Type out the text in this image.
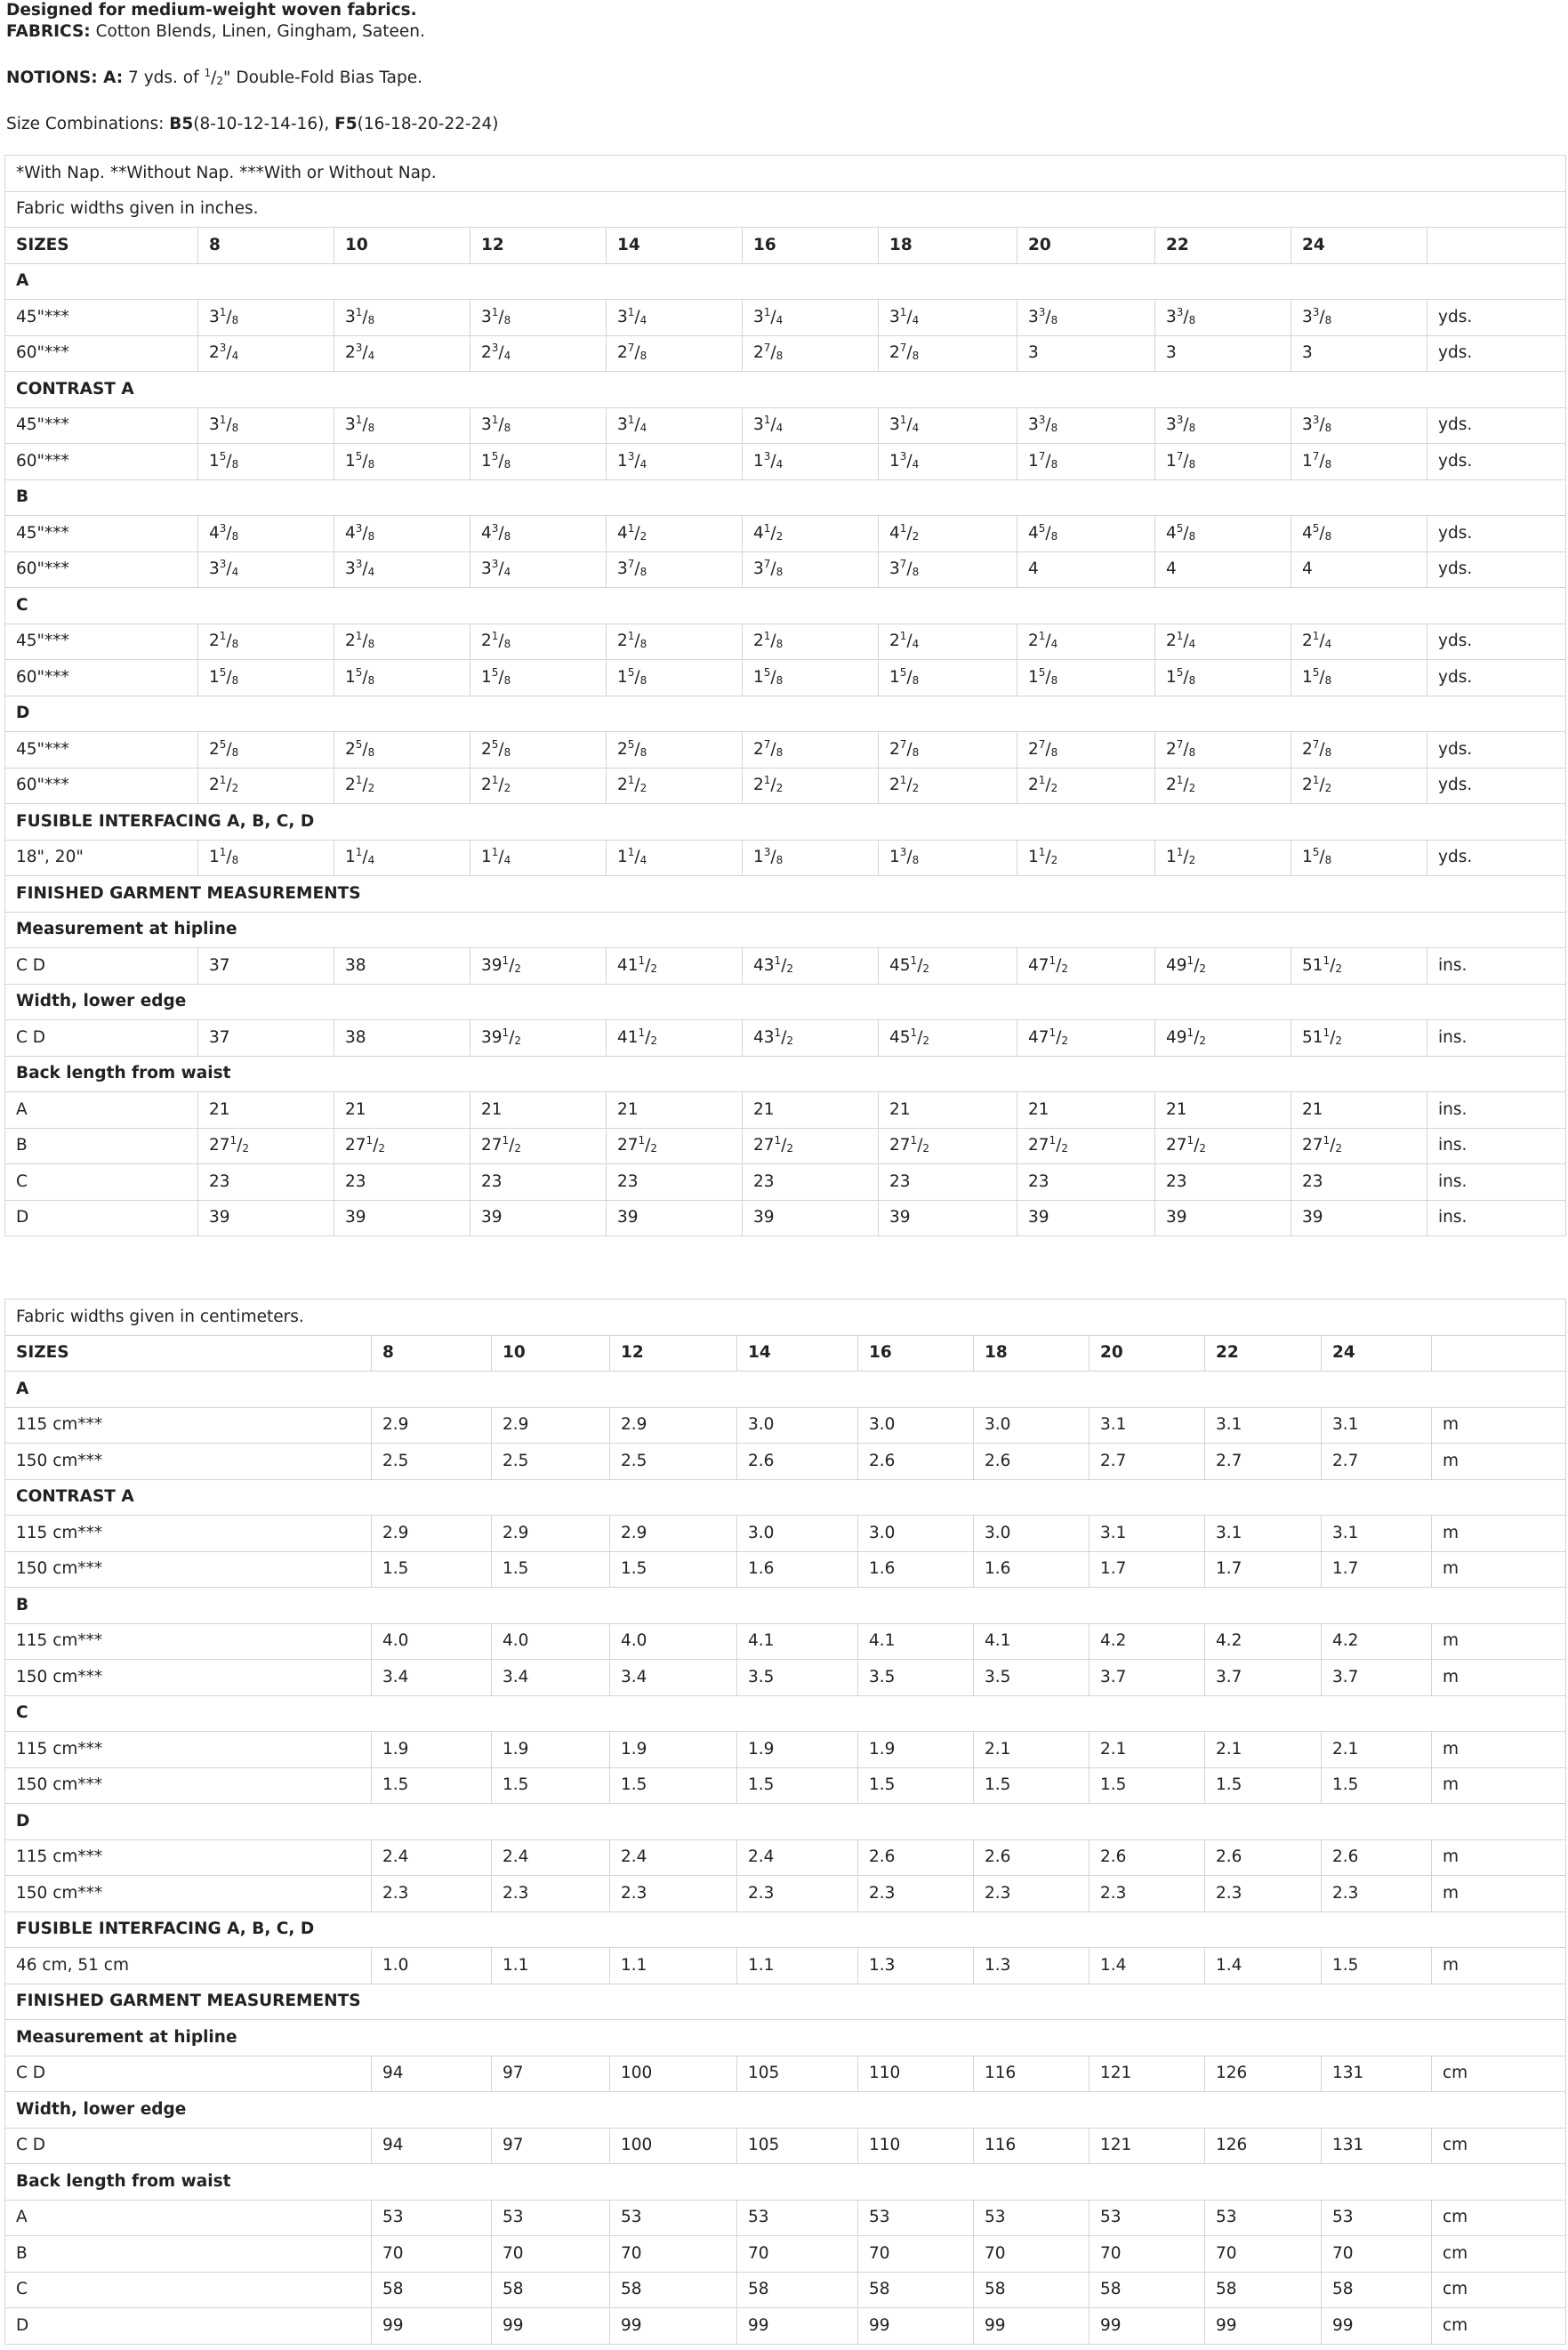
Designed for medium-weight woven fabrics.

FABRICS: Cotton Blends, Linen, Gingham, Sateen.

NOTIONS: A: 7 yds. of $^1/_2$" Double-Fold Bias Tape.

Size Combinations: B5(8-10-12-14-16), F5(16-18-20-22-24)

*With Nap. **Without Nap. ***With or Without Nap.										
Fabric widths given in inches.										
SIZES	8	10	12	14	16	18	20	22	24	
A										
45"***	$3^1/_8$	$3^1/_8$	$3^1/_8$	$3^1/_4$	$3^1/_4$	$3^1/_4$	$3^3/_8$	$3^3/_8$	$3^3/_8$	yds.
60"***	$2^3/_4$	$2^3/_4$	$2^3/_4$	$2^7/_8$	$2^7/_8$	$2^7/_8$	3	3	3	yds.
CONTRAST A										
45"***	$3^1/_8$	$3^1/_8$	$3^1/_8$	$3^1/_4$	$3^1/_4$	$3^1/_4$	$3^3/_8$	$3^3/_8$	$3^3/_8$	yds.
60"***	$1^5/_8$	$1^5/_8$	$1^5/_8$	$1^3/_4$	$1^3/_4$	$1^3/_4$	$1^7/_8$	$1^7/_8$	$1^7/_8$	yds.
B										
45"***	$4^3/_8$	$4^3/_8$	$4^3/_8$	$4^1/_2$	$4^1/_2$	$4^1/_2$	$4^5/_8$	$4^5/_8$	$4^5/_8$	yds.
60"***	$3^3/_4$	$3^3/_4$	$3^3/_4$	$3^7/_8$	$3^7/_8$	$3^7/_8$	4	4	4	yds.
C										
45"***	$2^1/_8$	$2^1/_8$	$2^1/_8$	$2^1/_8$	$2^1/_8$	$2^1/_4$	$2^1/_4$	$2^1/_4$	$2^1/_4$	yds.
60"***	$1^5/_8$	$1^5/_8$	$1^5/_8$	$1^5/_8$	$1^5/_8$	$1^5/_8$	$1^5/_8$	$1^5/_8$	$1^5/_8$	yds.
D										
45"***	$2^5/_8$	$2^5/_8$	$2^5/_8$	$2^5/_8$	$2^7/_8$	$2^7/_8$	$2^7/_8$	$2^7/_8$	$2^7/_8$	yds.
60"***	$2^1/_2$	$2^1/_2$	$2^1/_2$	$2^1/_2$	$2^1/_2$	$2^1/_2$	$2^1/_2$	$2^1/_2$	$2^1/_2$	yds.
FUSIBLE INTERFACING A, B, C, D										
18", 20"	$1^1/_8$	$1^1/_4$	$1^1/_4$	$1^1/_4$	$1^3/_8$	$1^3/_8$	$1^1/_2$	$1^1/_2$	$1^5/_8$	yds.
FINISHED GARMENT MEASUREMENTS										
Measurement at hipline										
C D	37	38	$39^1/_2$	$41^1/_2$	$43^1/_2$	$45^1/_2$	$47^1/_2$	$49^1/_2$	$51^1/_2$	ins.
Width, lower edge										
C D	37	38	$39^1/_2$	$41^1/_2$	$43^1/_2$	$45^1/_2$	$47^1/_2$	$49^1/_2$	$51^1/_2$	ins.
Back length from waist										
A	21	21	21	21	21	21	21	21	21	ins.
B	$27^1/_2$	$27^1/_2$	$27^1/_2$	$27^1/_2$	$27^1/_2$	$27^1/_2$	$27^1/_2$	$27^1/_2$	$27^1/_2$	ins.
C	23	23	23	23	23	23	23	23	23	ins.
D	39	39	39	39	39	39	39	39	39	ins.
Fabric widths given in centimeters.										
SIZES	8	10	12	14	16	18	20	22	24	
A										
115 cm***	2.9	2.9	2.9	3.0	3.0	3.0	3.1	3.1	3.1	m
150 cm***	2.5	2.5	2.5	2.6	2.6	2.6	2.7	2.7	2.7	m
CONTRAST A										
115 cm***	2.9	2.9	2.9	3.0	3.0	3.0	3.1	3.1	3.1	m
150 cm***	1.5	1.5	1.5	1.6	1.6	1.6	1.7	1.7	1.7	m
B										
115 cm***	4.0	4.0	4.0	4.1	4.1	4.1	4.2	4.2	4.2	m
150 cm***	3.4	3.4	3.4	3.5	3.5	3.5	3.7	3.7	3.7	m
C										
115 cm***	1.9	1.9	1.9	1.9	1.9	2.1	2.1	2.1	2.1	m
150 cm***	1.5	1.5	1.5	1.5	1.5	1.5	1.5	1.5	1.5	m
D										
115 cm***	2.4	2.4	2.4	2.4	2.6	2.6	2.6	2.6	2.6	m
150 cm***	2.3	2.3	2.3	2.3	2.3	2.3	2.3	2.3	2.3	m
FUSIBLE INTERFACING A, B, C, D										
46 cm, 51 cm	1.0	1.1	1.1	1.1	1.3	1.3	1.4	1.4	1.5	m
FINISHED GARMENT MEASUREMENTS										
Measurement at hipline										
C D	94	97	100	105	110	116	121	126	131	cm
Width, lower edge										
C D	94	97	100	105	110	116	121	126	131	cm
Back length from waist										
A	53	53	53	53	53	53	53	53	53	cm
B	70	70	70	70	70	70	70	70	70	cm
C	58	58	58	58	58	58	58	58	58	cm
D	99	99	99	99	99	99	99	99	99	cm
